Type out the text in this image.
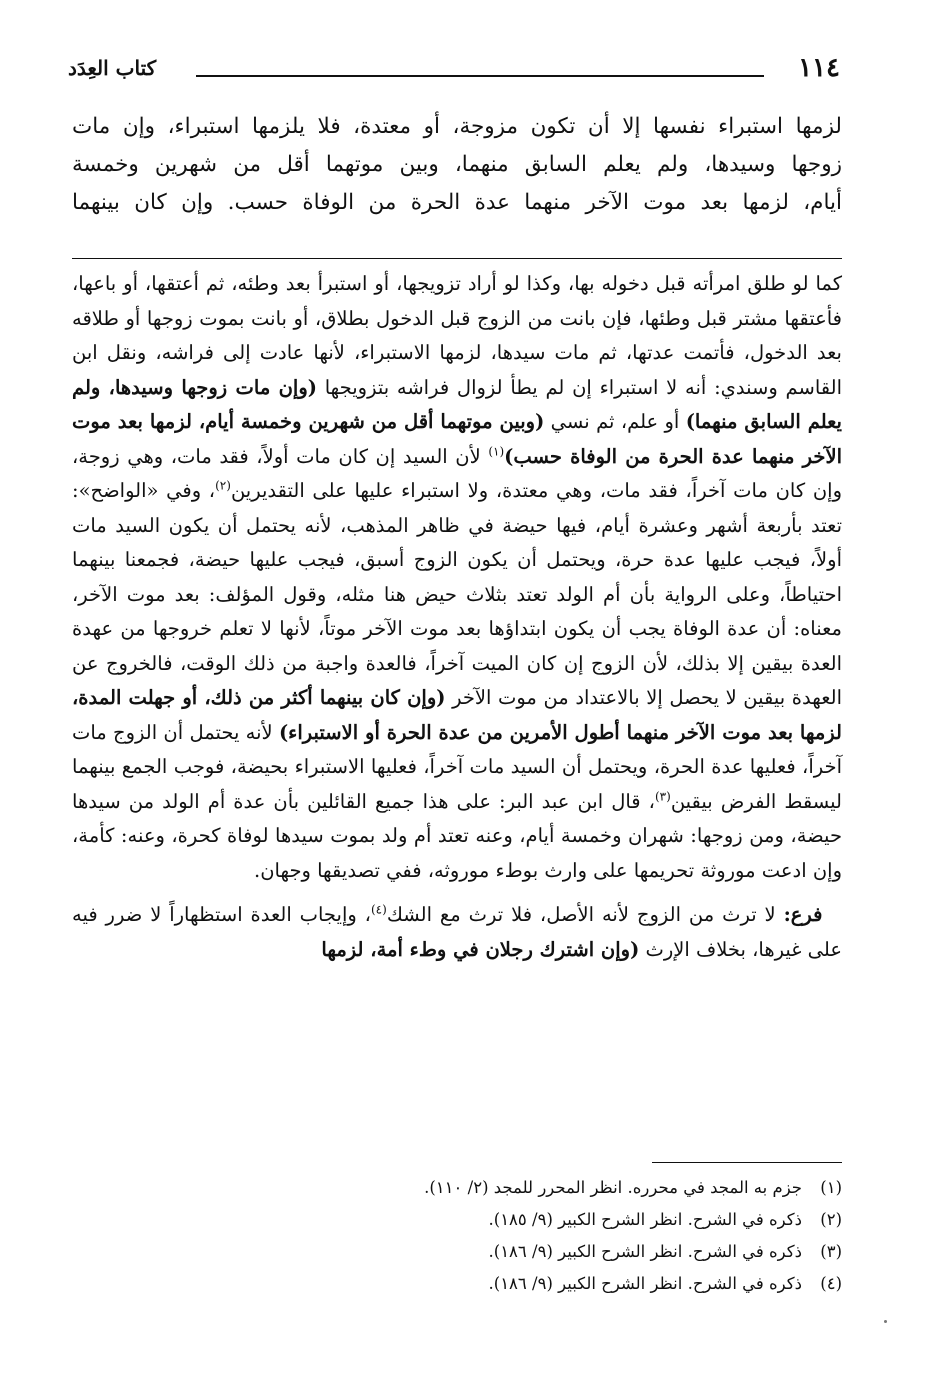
١١٤
كتاب العِدَد

لزمها استبراء نفسها إلا أن تكون مزوجة، أو معتدة، فلا يلزمها استبراء، وإن مات

زوجها وسيدها، ولم يعلم السابق منهما، وبين موتهما أقل من شهرين وخمسة

أيام، لزمها بعد موت الآخر منهما عدة الحرة من الوفاة حسب. وإن كان بينهما

كما لو طلق امرأته قبل دخوله بها، وكذا لو أراد تزويجها، أو استبرأ بعد وطئه، ثم أعتقها، أو باعها، فأعتقها مشتر قبل وطئها، فإن بانت من الزوج قبل الدخول بطلاق، أو بانت بموت زوجها أو طلاقه بعد الدخول، فأتمت عدتها، ثم مات سيدها، لزمها الاستبراء، لأنها عادت إلى فراشه، ونقل ابن القاسم وسندي: أنه لا استبراء إن لم يطأ لزوال فراشه بتزويجها (وإن مات زوجها وسيدها، ولم يعلم السابق منهما) أو علم، ثم نسي (وبين موتهما أقل من شهرين وخمسة أيام، لزمها بعد موت الآخر منهما عدة الحرة من الوفاة حسب)$^{(١)}$ لأن السيد إن كان مات أولاً، فقد مات، وهي زوجة، وإن كان مات آخراً، فقد مات، وهي معتدة، ولا استبراء عليها على التقديرين$^{(٢)}$، وفي «الواضح»: تعتد بأربعة أشهر وعشرة أيام، فيها حيضة في ظاهر المذهب، لأنه يحتمل أن يكون السيد مات أولاً، فيجب عليها عدة حرة، ويحتمل أن يكون الزوج أسبق، فيجب عليها حيضة، فجمعنا بينهما احتياطاً، وعلى الرواية بأن أم الولد تعتد بثلاث حيض هنا مثله، وقول المؤلف: بعد موت الآخر، معناه: أن عدة الوفاة يجب أن يكون ابتداؤها بعد موت الآخر موتاً، لأنها لا تعلم خروجها من عهدة العدة بيقين إلا بذلك، لأن الزوج إن كان الميت آخراً، فالعدة واجبة من ذلك الوقت، فالخروج عن العهدة بيقين لا يحصل إلا بالاعتداد من موت الآخر (وإن كان بينهما أكثر من ذلك، أو جهلت المدة، لزمها بعد موت الآخر منهما أطول الأمرين من عدة الحرة أو الاستبراء) لأنه يحتمل أن الزوج مات آخراً، فعليها عدة الحرة، ويحتمل أن السيد مات آخراً، فعليها الاستبراء بحيضة، فوجب الجمع بينهما ليسقط الفرض بيقين$^{(٣)}$، قال ابن عبد البر: على هذا جميع القائلين بأن عدة أم الولد من سيدها حيضة، ومن زوجها: شهران وخمسة أيام، وعنه تعتد أم ولد بموت سيدها لوفاة كحرة، وعنه: كأمة، وإن ادعت موروثة تحريمها على وارث بوطء موروثه، ففي تصديقها وجهان.

 فرع: لا ترث من الزوج لأنه الأصل، فلا ترث مع الشك$^{(٤)}$، وإيجاب العدة استظهاراً لا ضرر فيه على غيرها، بخلاف الإرث (وإن اشترك رجلان في وطء أمة، لزمها

(١)
جزم به المجد في محرره. انظر المحرر للمجد (٢/ ١١٠).
(٢)
ذكره في الشرح. انظر الشرح الكبير (٩/ ١٨٥).
(٣)
ذكره في الشرح. انظر الشرح الكبير (٩/ ١٨٦).
(٤)
ذكره في الشرح. انظر الشرح الكبير (٩/ ١٨٦).
